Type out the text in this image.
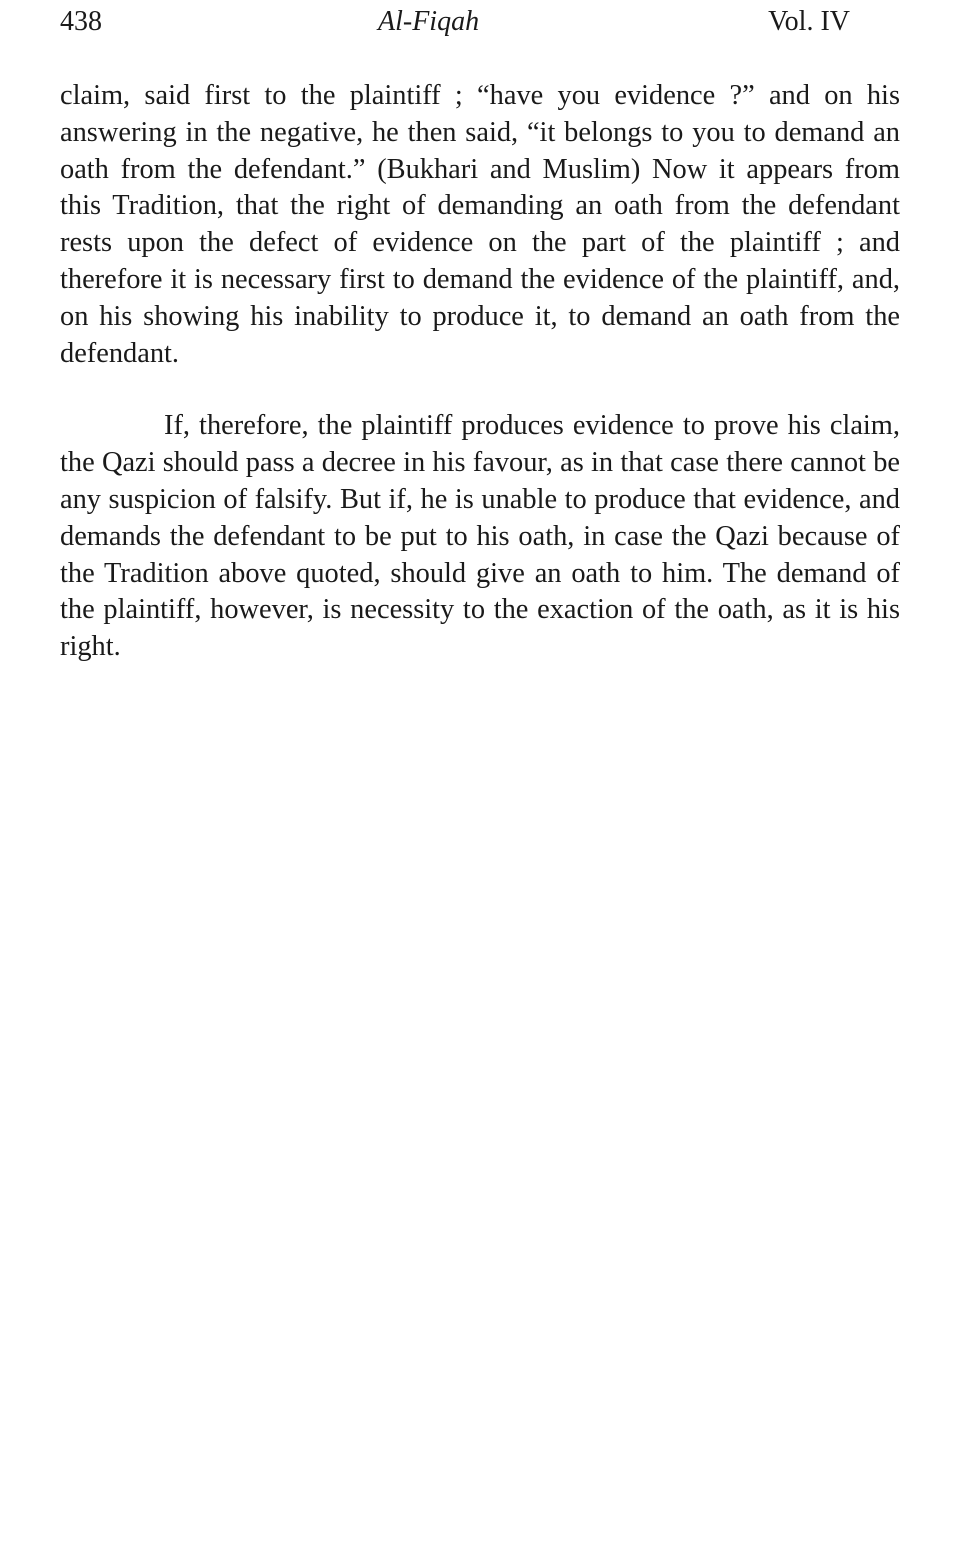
438	Al-Fiqah	Vol. IV

claim, said first to the plaintiff ; “have you evidence ?” and on his answering in the negative, he then said, “it belongs to you to demand an oath from the defendant.” (Bukhari and Muslim) Now it appears from this Tradition, that the right of demanding an oath from the defendant rests upon the defect of evidence on the part of the plaintiff ; and therefore it is necessary first to demand the evidence of the plaintiff, and, on his showing his inability to produce it, to demand an oath from the defendant.

If, therefore, the plaintiff produces evidence to prove his claim, the Qazi should pass a decree in his favour, as in that case there cannot be any suspicion of falsify. But if, he is unable to produce that evidence, and demands the defendant to be put to his oath, in case the Qazi because of the Tradition above quoted, should give an oath to him. The demand of the plaintiff, however, is necessity to the exaction of the oath, as it is his right.
